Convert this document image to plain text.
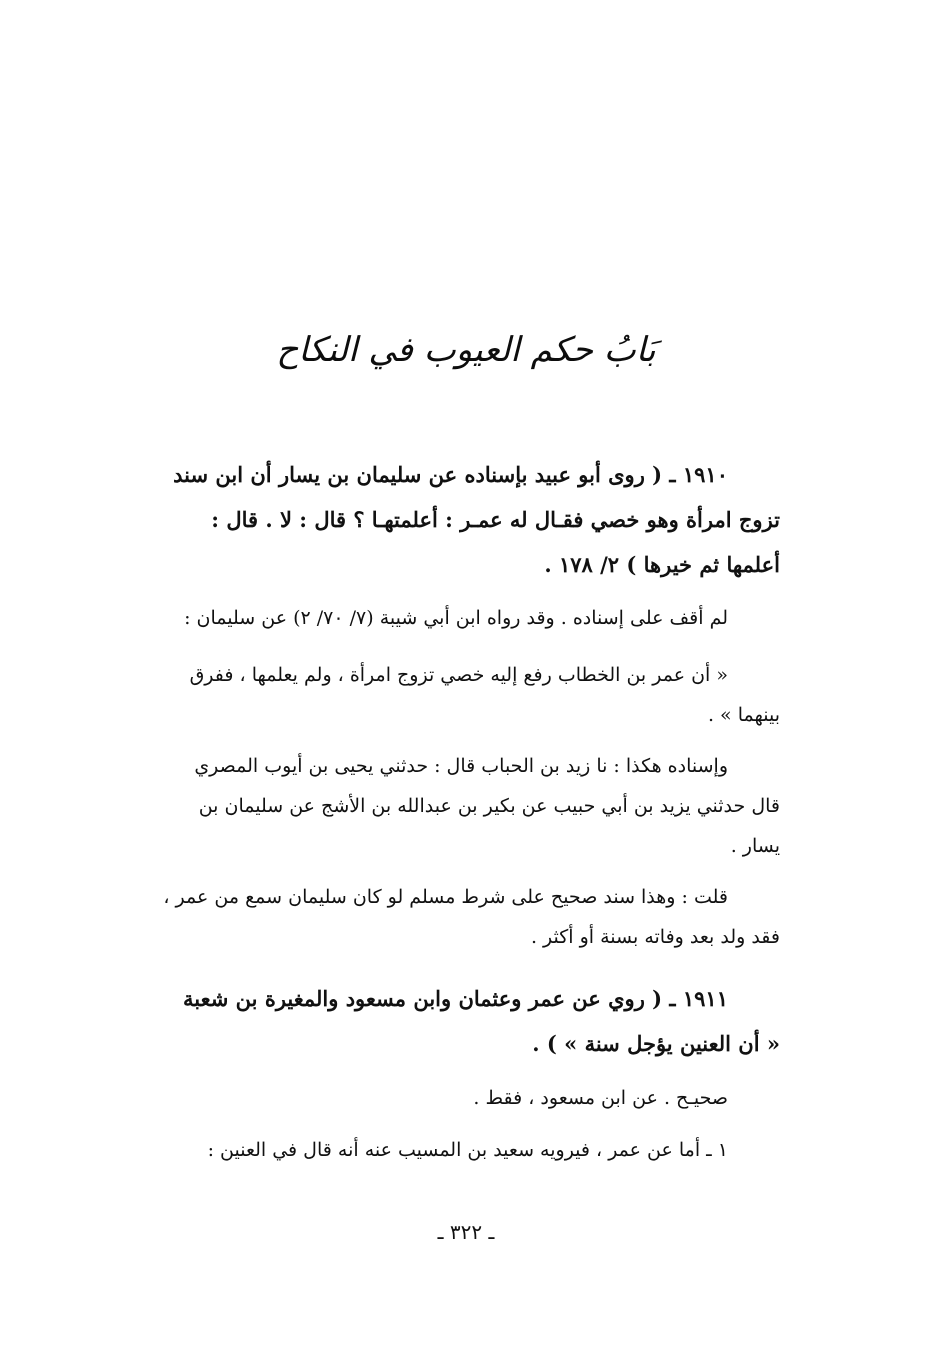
بَابُ حكم العيوب في النكاح
١٩١٠ ـ ( روى أبو عبيد بإسناده عن سليمان بن يسار أن ابن سند
تزوج امرأة وهو خصي فقـال له عمـر : أعلمتهـا ؟ قال : لا . قال :
أعلمها ثم خيرها ) ٢/ ١٧٨ .
لم أقف على إسناده . وقد رواه ابن أبي شيبة (٧/ ٧٠/ ٢) عن سليمان :
« أن عمر بن الخطاب رفع إليه خصي تزوج امرأة ، ولم يعلمها ، ففرق
بينهما » .
وإسناده هكذا : نا زيد بن الحباب قال : حدثني يحيى بن أيوب المصري
قال حدثني يزيد بن أبي حبيب عن بكير بن عبدالله بن الأشج عن سليمان بن
يسار .
قلت : وهذا سند صحيح على شرط مسلم لو كان سليمان سمع من عمر ،
فقد ولد بعد وفاته بسنة أو أكثر .
١٩١١ ـ ( روي عن عمر وعثمان وابن مسعود والمغيرة بن شعبة
« أن العنين يؤجل سنة » ) .
صحيـح . عن ابن مسعود ، فقط .
١ ـ أما عن عمر ، فيرويه سعيد بن المسيب عنه أنه قال في العنين :
ـ ٣٢٢ ـ
